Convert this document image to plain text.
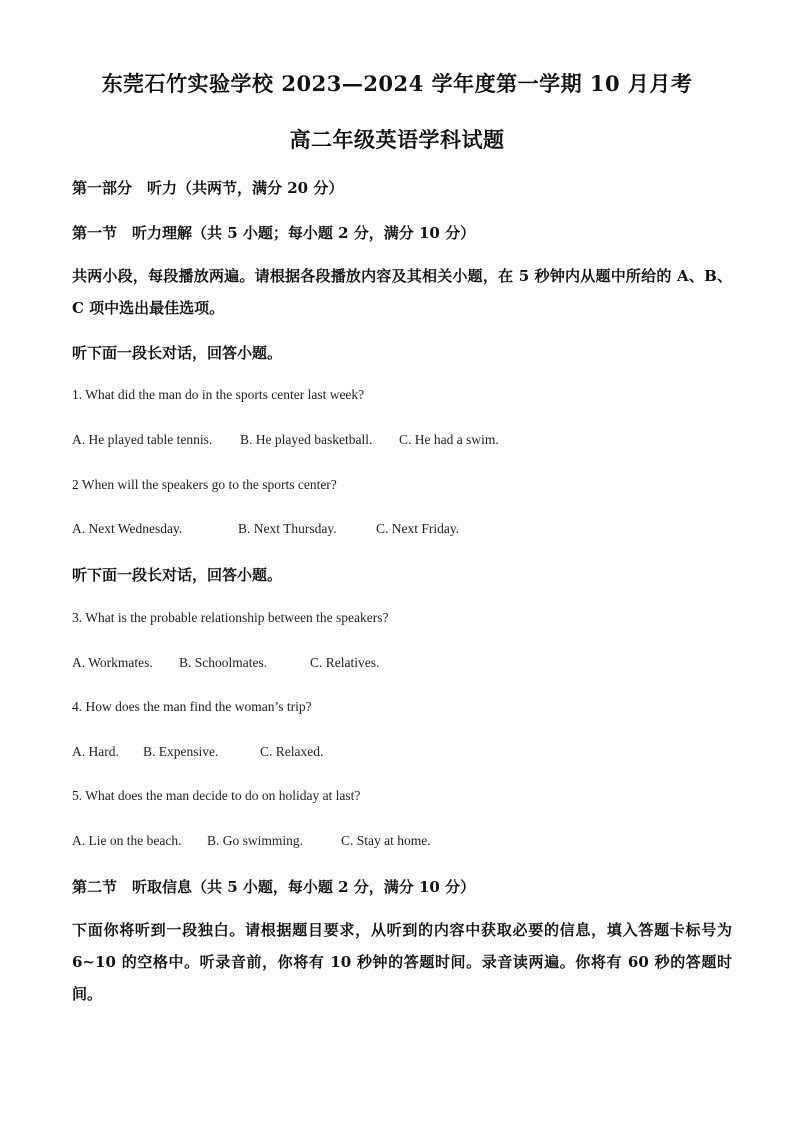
东莞石竹实验学校 2023—2024 学年度第一学期 10 月月考
高二年级英语学科试题
第一部分　听力（共两节，满分 20 分）
第一节　听力理解（共 5 小题；每小题 2 分，满分 10 分）
共两小段，每段播放两遍。请根据各段播放内容及其相关小题，在 5 秒钟内从题中所给的 A、B、C 项中选出最佳选项。
听下面一段长对话，回答小题。
1. What did the man do in the sports center last week?
A. He played table tennis. B. He played basketball. C. He had a swim.
2 When will the speakers go to the sports center?
A. Next Wednesday.	B. Next Thursday.	C. Next Friday.
听下面一段长对话，回答小题。
3. What is the probable relationship between the speakers?
A. Workmates. B. Schoolmates.	C. Relatives.
4. How does the man find the woman’s trip?
A. Hard. B. Expensive.	C. Relaxed.
5. What does the man decide to do on holiday at last?
A. Lie on the beach. B. Go swimming.	C. Stay at home.
第二节　听取信息（共 5 小题，每小题 2 分，满分 10 分）
下面你将听到一段独白。请根据题目要求，从听到的内容中获取必要的信息，填入答题卡标号为 6~10 的空格中。听录音前，你将有 10 秒钟的答题时间。录音读两遍。你将有 60 秒的答题时间。
